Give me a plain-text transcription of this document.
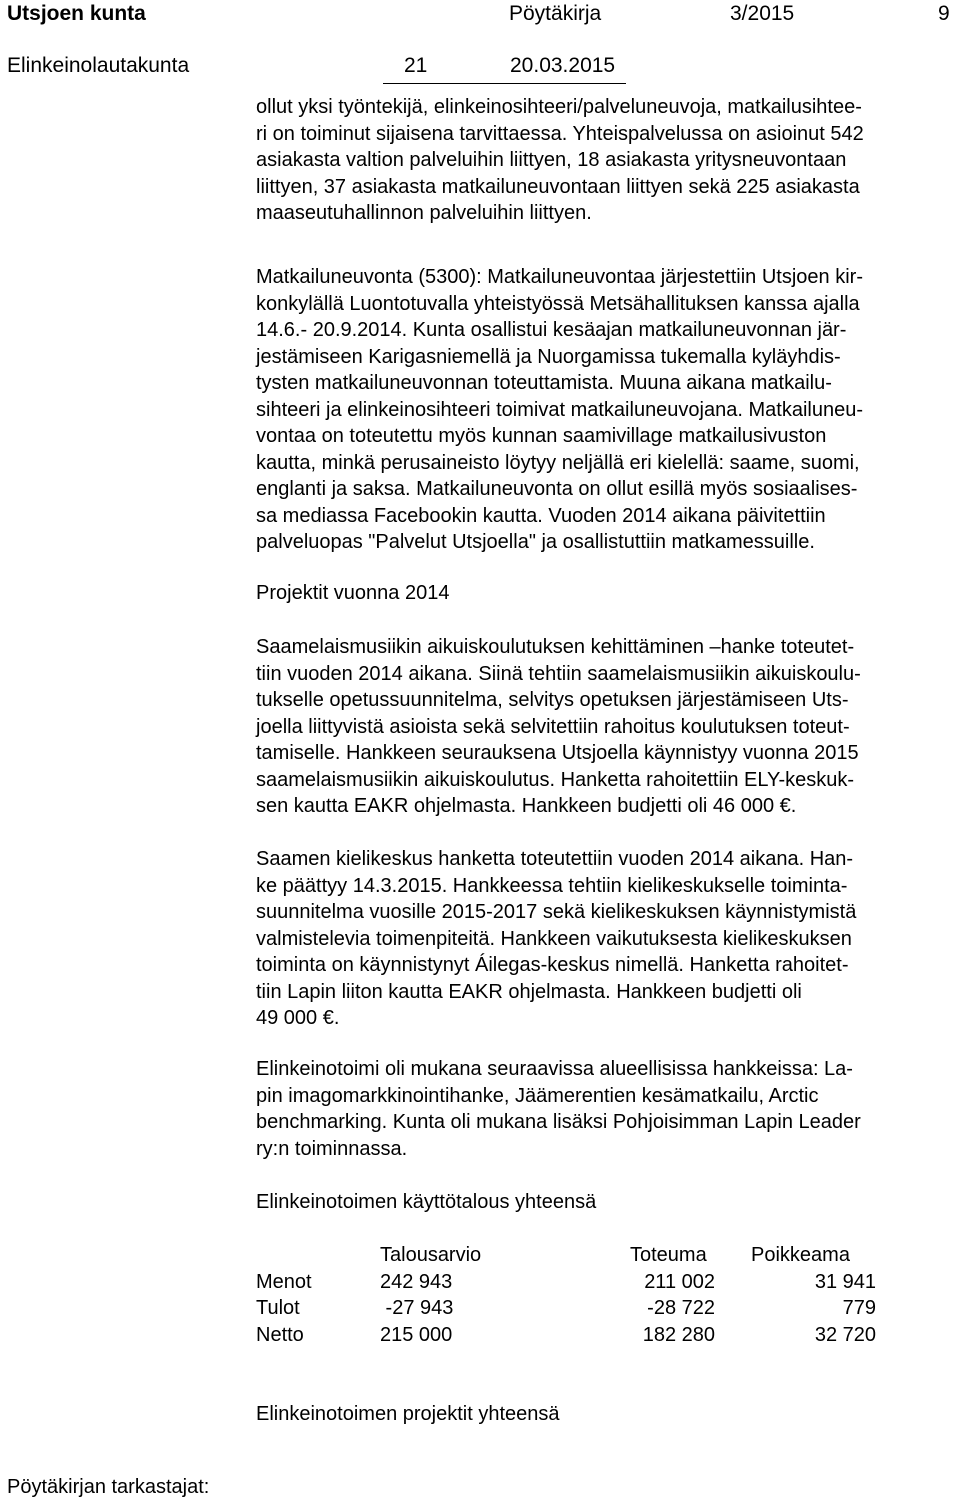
Utsjoen kunta	Pöytäkirja	3/2015	9
Elinkeinolautakunta	21	20.03.2015
ollut yksi työntekijä, elinkeinosihteeri/palveluneuvoja, matkailusihtee-
ri on toiminut sijaisena tarvittaessa. Yhteispalvelussa on asioinut 542
asiakasta valtion palveluihin liittyen, 18 asiakasta yritysneuvontaan
liittyen, 37 asiakasta matkailuneuvontaan liittyen sekä 225 asiakasta
maaseutuhallinnon palveluihin liittyen.
Matkailuneuvonta (5300): Matkailuneuvontaa järjestettiin Utsjoen kir-
konkylällä Luontotuvalla yhteistyössä Metsähallituksen kanssa ajalla
14.6.- 20.9.2014. Kunta osallistui kesäajan matkailuneuvonnan jär-
jestämiseen Karigasniemellä ja Nuorgamissa tukemalla kyläyhdis-
tysten matkailuneuvonnan toteuttamista. Muuna aikana matkailu-
sihteeri ja elinkeinosihteeri toimivat matkailuneuvojana. Matkailuneu-
vontaa on toteutettu myös kunnan saamivillage matkailusivuston
kautta, minkä perusaineisto löytyy neljällä eri kielellä: saame, suomi,
englanti ja saksa. Matkailuneuvonta on ollut esillä myös sosiaalises-
sa mediassa Facebookin kautta. Vuoden 2014 aikana päivitettiin
palveluopas "Palvelut Utsjoella" ja osallistuttiin matkamessuille.
Projektit vuonna 2014
Saamelaismusiikin aikuiskoulutuksen kehittäminen –hanke toteutet-
tiin vuoden 2014 aikana. Siinä tehtiin saamelaismusiikin aikuiskoulu-
tukselle opetussuunnitelma, selvitys opetuksen järjestämiseen Uts-
joella liittyvistä asioista sekä selvitettiin rahoitus koulutuksen toteut-
tamiselle. Hankkeen seurauksena Utsjoella käynnistyy vuonna 2015
saamelaismusiikin aikuiskoulutus. Hanketta rahoitettiin ELY-keskuk-
sen kautta EAKR ohjelmasta. Hankkeen budjetti oli 46 000 €.
Saamen kielikeskus hanketta toteutettiin vuoden 2014 aikana. Han-
ke päättyy 14.3.2015. Hankkeessa tehtiin kielikeskukselle toiminta-
suunnitelma vuosille 2015-2017 sekä kielikeskuksen käynnistymistä
valmistelevia toimenpiteitä. Hankkeen vaikutuksesta kielikeskuksen
toiminta on käynnistynyt Áilegas-keskus nimellä. Hanketta rahoitet-
tiin Lapin liiton kautta EAKR ohjelmasta. Hankkeen budjetti oli
49 000 €.
Elinkeinotoimi oli mukana seuraavissa alueellisissa hankkeissa: La-
pin imagomarkkinointihanke, Jäämerentien kesämatkailu, Arctic
benchmarking. Kunta oli mukana lisäksi Pohjoisimman Lapin Leader
ry:n toiminnassa.
Elinkeinotoimen käyttötalous yhteensä
	Talousarvio	Toteuma	Poikkeama
Menot	242 943	211 002	31 941
Tulot	-27 943	-28 722	779
Netto	215 000	182 280	32 720
Elinkeinotoimen projektit yhteensä
Pöytäkirjan tarkastajat:
